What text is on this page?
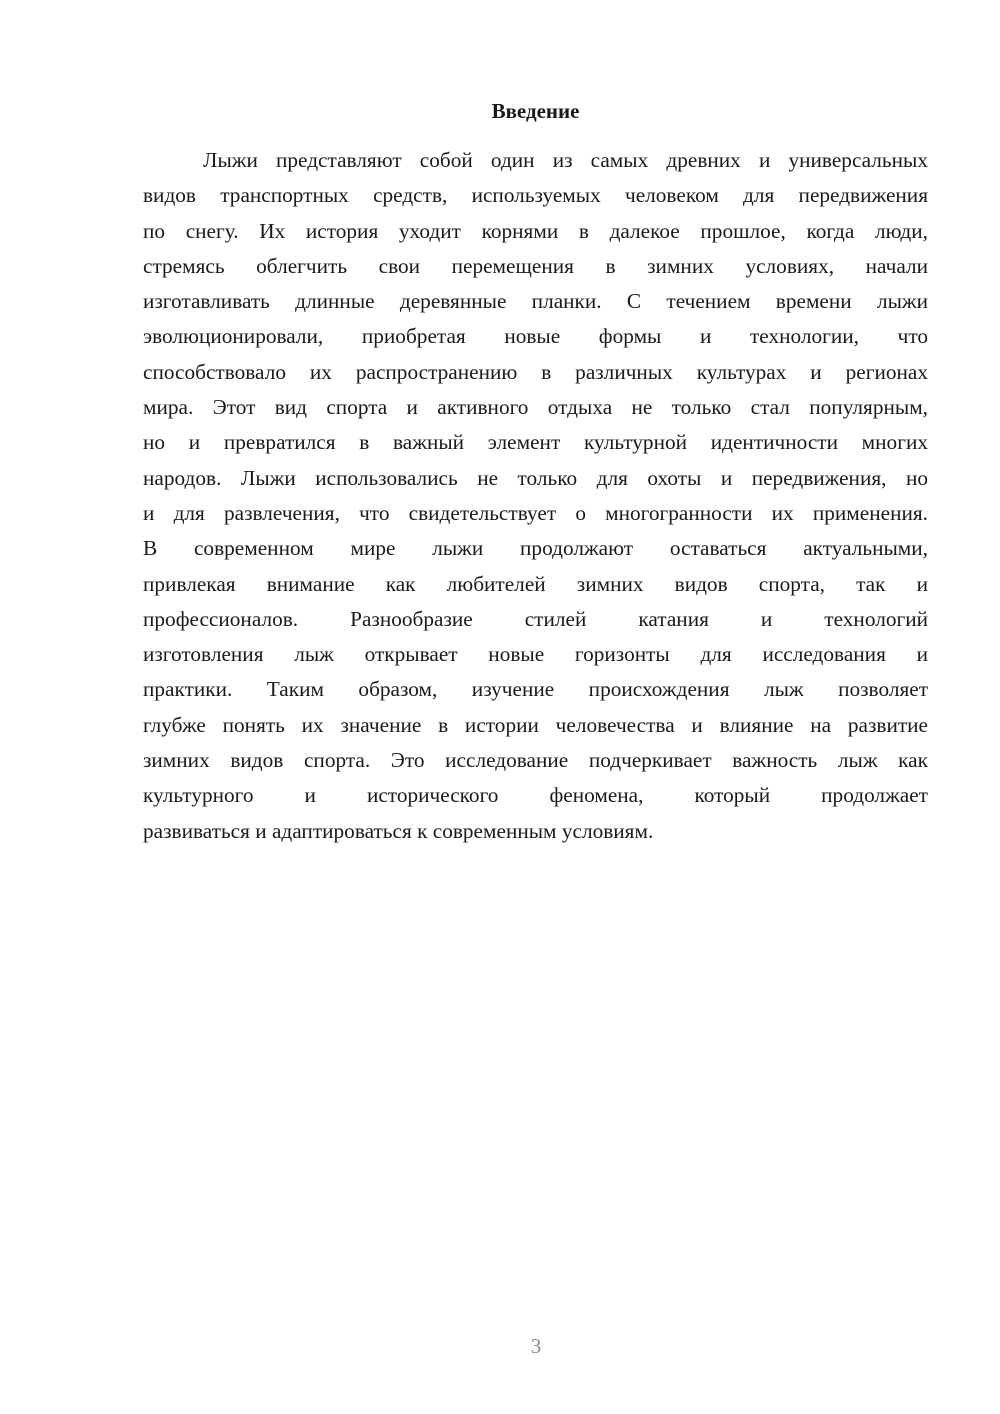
Введение
Лыжи представляют собой один из самых древних и универсальных
видов транспортных средств, используемых человеком для передвижения
по снегу. Их история уходит корнями в далекое прошлое, когда люди,
стремясь облегчить свои перемещения в зимних условиях, начали
изготавливать длинные деревянные планки. С течением времени лыжи
эволюционировали, приобретая новые формы и технологии, что
способствовало их распространению в различных культурах и регионах
мира. Этот вид спорта и активного отдыха не только стал популярным,
но и превратился в важный элемент культурной идентичности многих
народов. Лыжи использовались не только для охоты и передвижения, но
и для развлечения, что свидетельствует о многогранности их применения.
В современном мире лыжи продолжают оставаться актуальными,
привлекая внимание как любителей зимних видов спорта, так и
профессионалов. Разнообразие стилей катания и технологий
изготовления лыж открывает новые горизонты для исследования и
практики. Таким образом, изучение происхождения лыж позволяет
глубже понять их значение в истории человечества и влияние на развитие
зимних видов спорта. Это исследование подчеркивает важность лыж как
культурного и исторического феномена, который продолжает
развиваться и адаптироваться к современным условиям.

3
